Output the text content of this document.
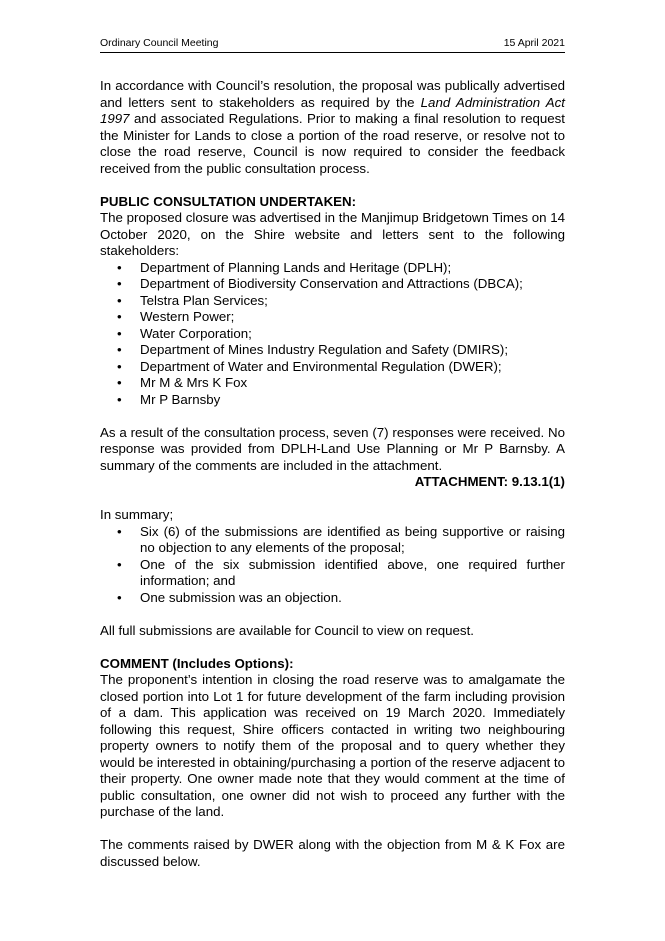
Ordinary Council Meeting	15 April 2021

In accordance with Council’s resolution, the proposal was publically advertised and letters sent to stakeholders as required by the Land Administration Act 1997 and associated Regulations. Prior to making a final resolution to request the Minister for Lands to close a portion of the road reserve, or resolve not to close the road reserve, Council is now required to consider the feedback received from the public consultation process.

PUBLIC CONSULTATION UNDERTAKEN:

The proposed closure was advertised in the Manjimup Bridgetown Times on 14 October 2020, on the Shire website and letters sent to the following stakeholders:

• Department of Planning Lands and Heritage (DPLH);
• Department of Biodiversity Conservation and Attractions (DBCA);
• Telstra Plan Services;
• Western Power;
• Water Corporation;
• Department of Mines Industry Regulation and Safety (DMIRS);
• Department of Water and Environmental Regulation (DWER);
• Mr M & Mrs K Fox
• Mr P Barnsby

As a result of the consultation process, seven (7) responses were received. No response was provided from DPLH-Land Use Planning or Mr P Barnsby. A summary of the comments are included in the attachment.

ATTACHMENT: 9.13.1(1)

In summary;

• Six (6) of the submissions are identified as being supportive or raising no objection to any elements of the proposal;
• One of the six submission identified above, one required further information; and
• One submission was an objection.

All full submissions are available for Council to view on request.

COMMENT (Includes Options):

The proponent’s intention in closing the road reserve was to amalgamate the closed portion into Lot 1 for future development of the farm including provision of a dam. This application was received on 19 March 2020. Immediately following this request, Shire officers contacted in writing two neighbouring property owners to notify them of the proposal and to query whether they would be interested in obtaining/purchasing a portion of the reserve adjacent to their property. One owner made note that they would comment at the time of public consultation, one owner did not wish to proceed any further with the purchase of the land.

The comments raised by DWER along with the objection from M & K Fox are discussed below.
